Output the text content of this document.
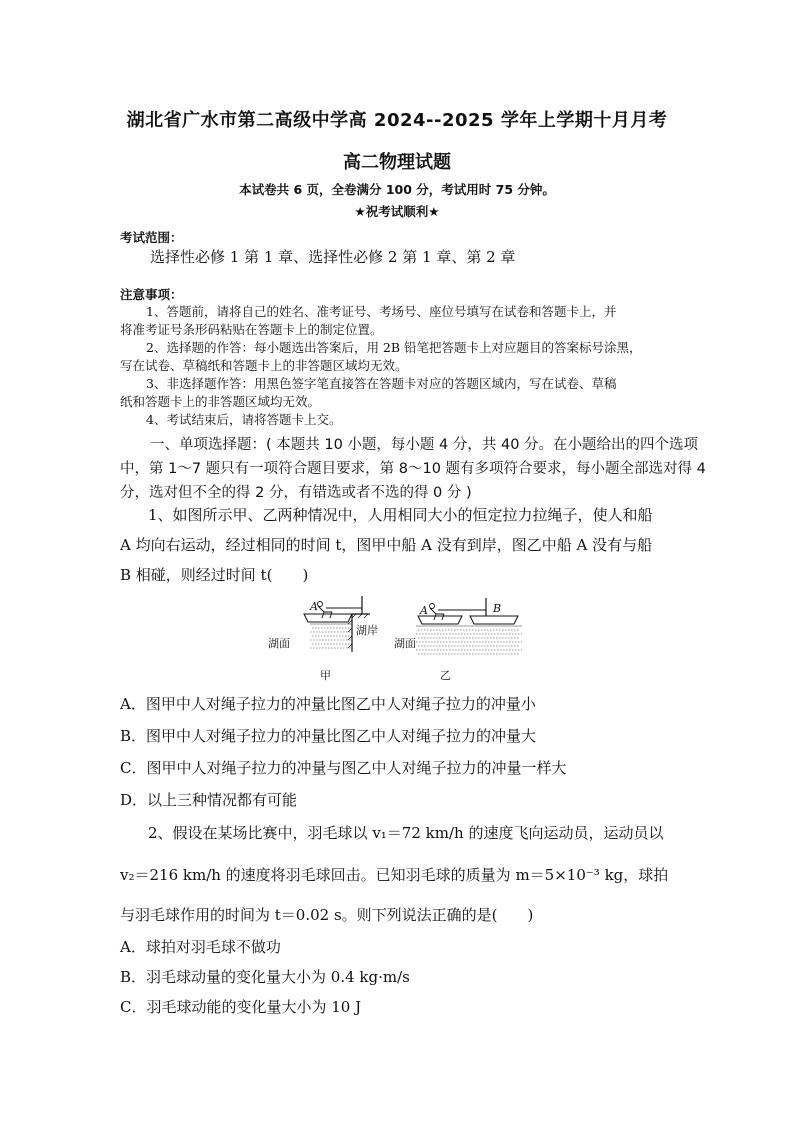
湖北省广水市第二高级中学高 2024--2025 学年上学期十月月考
高二物理试题
本试卷共 6 页，全卷满分 100 分，考试用时 75 分钟。
★祝考试顺利★
考试范围：
选择性必修 1 第 1 章、选择性必修 2 第 1 章、第 2 章
注意事项：
1、答题前，请将自己的姓名、准考证号、考场号、座位号填写在试卷和答题卡上，并
将准考证号条形码粘贴在答题卡上的制定位置。
2、选择题的作答：每小题选出答案后，用 2B 铅笔把答题卡上对应题目的答案标号涂黑，
写在试卷、草稿纸和答题卡上的非答题区域均无效。
3、非选择题作答：用黑色签字笔直接答在答题卡对应的答题区域内，写在试卷、草稿
纸和答题卡上的非答题区域均无效。
4、考试结束后，请将答题卡上交。
一、单项选择题：( 本题共 10 小题，每小题 4 分，共 40 分。在小题给出的四个选项
中，第 1～7 题只有一项符合题目要求，第 8～10 题有多项符合要求，每小题全部选对得 4
分，选对但不全的得 2 分，有错选或者不选的得 0 分 )
1、如图所示甲、乙两种情况中，人用相同大小的恒定拉力拉绳子，使人和船
A 均向右运动，经过相同的时间 t，图甲中船 A 没有到岸，图乙中船 A 没有与船
B 相碰，则经过时间 t(　　)
A	A	B
湖面
湖岸
湖面
甲	乙
A．图甲中人对绳子拉力的冲量比图乙中人对绳子拉力的冲量小
B．图甲中人对绳子拉力的冲量比图乙中人对绳子拉力的冲量大
C．图甲中人对绳子拉力的冲量与图乙中人对绳子拉力的冲量一样大
D．以上三种情况都有可能
2、假设在某场比赛中，羽毛球以 v₁＝72 km/h 的速度飞向运动员，运动员以
v₂＝216 km/h 的速度将羽毛球回击。已知羽毛球的质量为 m＝5×10⁻³ kg，球拍
与羽毛球作用的时间为 t＝0.02 s。则下列说法正确的是(　　)
A．球拍对羽毛球不做功
B．羽毛球动量的变化量大小为 0.4 kg·m/s
C．羽毛球动能的变化量大小为 10 J
